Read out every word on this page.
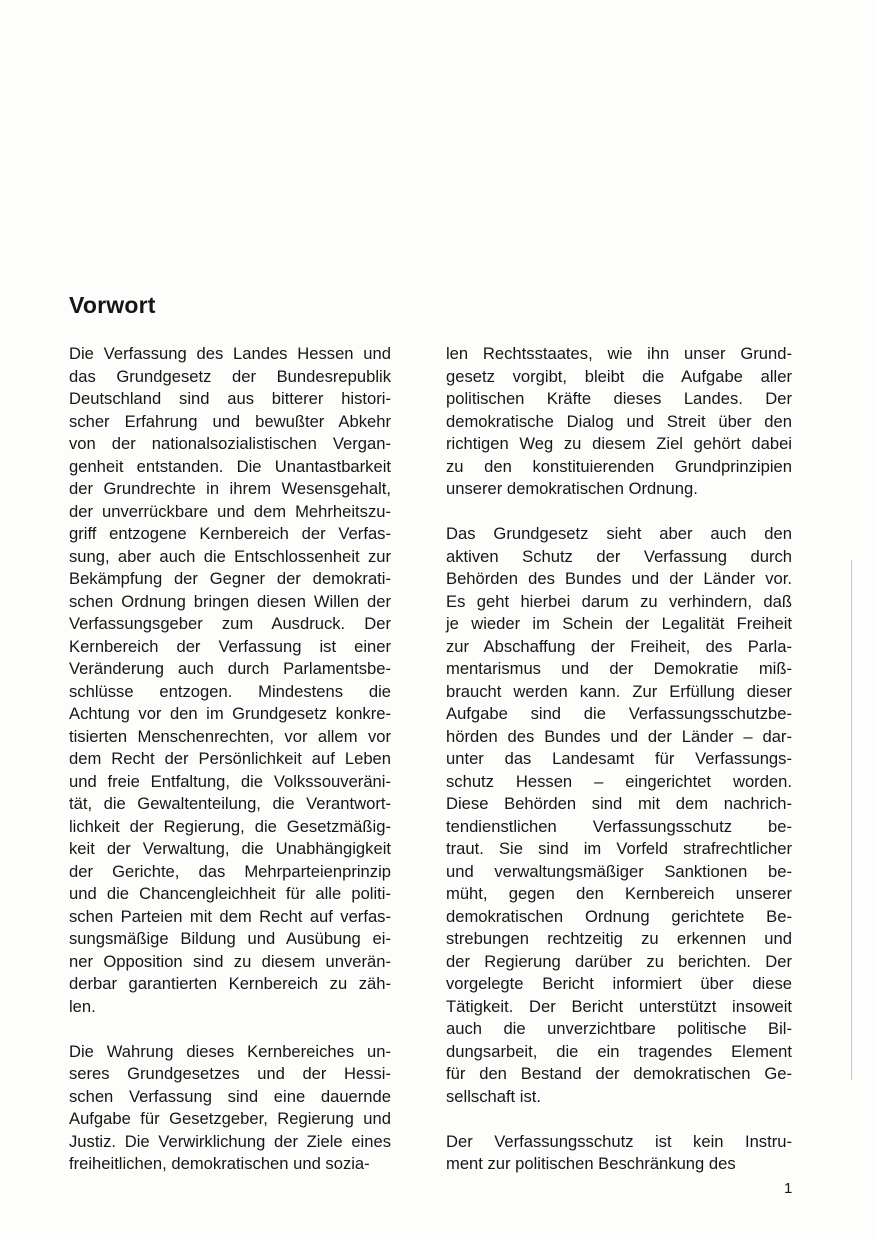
Vorwort

Die Verfassung des Landes Hessen und
das Grundgesetz der Bundesrepublik
Deutschland sind aus bitterer histori-
scher Erfahrung und bewußter Abkehr
von der nationalsozialistischen Vergan-
genheit entstanden. Die Unantastbarkeit
der Grundrechte in ihrem Wesensgehalt,
der unverrückbare und dem Mehrheitszu-
griff entzogene Kernbereich der Verfas-
sung, aber auch die Entschlossenheit zur
Bekämpfung der Gegner der demokrati-
schen Ordnung bringen diesen Willen der
Verfassungsgeber zum Ausdruck. Der
Kernbereich der Verfassung ist einer
Veränderung auch durch Parlamentsbe-
schlüsse entzogen. Mindestens die
Achtung vor den im Grundgesetz konkre-
tisierten Menschenrechten, vor allem vor
dem Recht der Persönlichkeit auf Leben
und freie Entfaltung, die Volkssouveräni-
tät, die Gewaltenteilung, die Verantwort-
lichkeit der Regierung, die Gesetzmäßig-
keit der Verwaltung, die Unabhängigkeit
der Gerichte, das Mehrparteienprinzip
und die Chancengleichheit für alle politi-
schen Parteien mit dem Recht auf verfas-
sungsmäßige Bildung und Ausübung ei-
ner Opposition sind zu diesem unverän-
derbar garantierten Kernbereich zu zäh-
len.

Die Wahrung dieses Kernbereiches un-
seres Grundgesetzes und der Hessi-
schen Verfassung sind eine dauernde
Aufgabe für Gesetzgeber, Regierung und
Justiz. Die Verwirklichung der Ziele eines
freiheitlichen, demokratischen und sozia-

len Rechtsstaates, wie ihn unser Grund-
gesetz vorgibt, bleibt die Aufgabe aller
politischen Kräfte dieses Landes. Der
demokratische Dialog und Streit über den
richtigen Weg zu diesem Ziel gehört dabei
zu den konstituierenden Grundprinzipien
unserer demokratischen Ordnung.

Das Grundgesetz sieht aber auch den
aktiven Schutz der Verfassung durch
Behörden des Bundes und der Länder vor.
Es geht hierbei darum zu verhindern, daß
je wieder im Schein der Legalität Freiheit
zur Abschaffung der Freiheit, des Parla-
mentarismus und der Demokratie miß-
braucht werden kann. Zur Erfüllung dieser
Aufgabe sind die Verfassungsschutzbe-
hörden des Bundes und der Länder – dar-
unter das Landesamt für Verfassungs-
schutz Hessen – eingerichtet worden.
Diese Behörden sind mit dem nachrich-
tendienstlichen Verfassungsschutz be-
traut. Sie sind im Vorfeld strafrechtlicher
und verwaltungsmäßiger Sanktionen be-
müht, gegen den Kernbereich unserer
demokratischen Ordnung gerichtete Be-
strebungen rechtzeitig zu erkennen und
der Regierung darüber zu berichten. Der
vorgelegte Bericht informiert über diese
Tätigkeit. Der Bericht unterstützt insoweit
auch die unverzichtbare politische Bil-
dungsarbeit, die ein tragendes Element
für den Bestand der demokratischen Ge-
sellschaft ist.

Der Verfassungsschutz ist kein Instru-
ment zur politischen Beschränkung des

1
